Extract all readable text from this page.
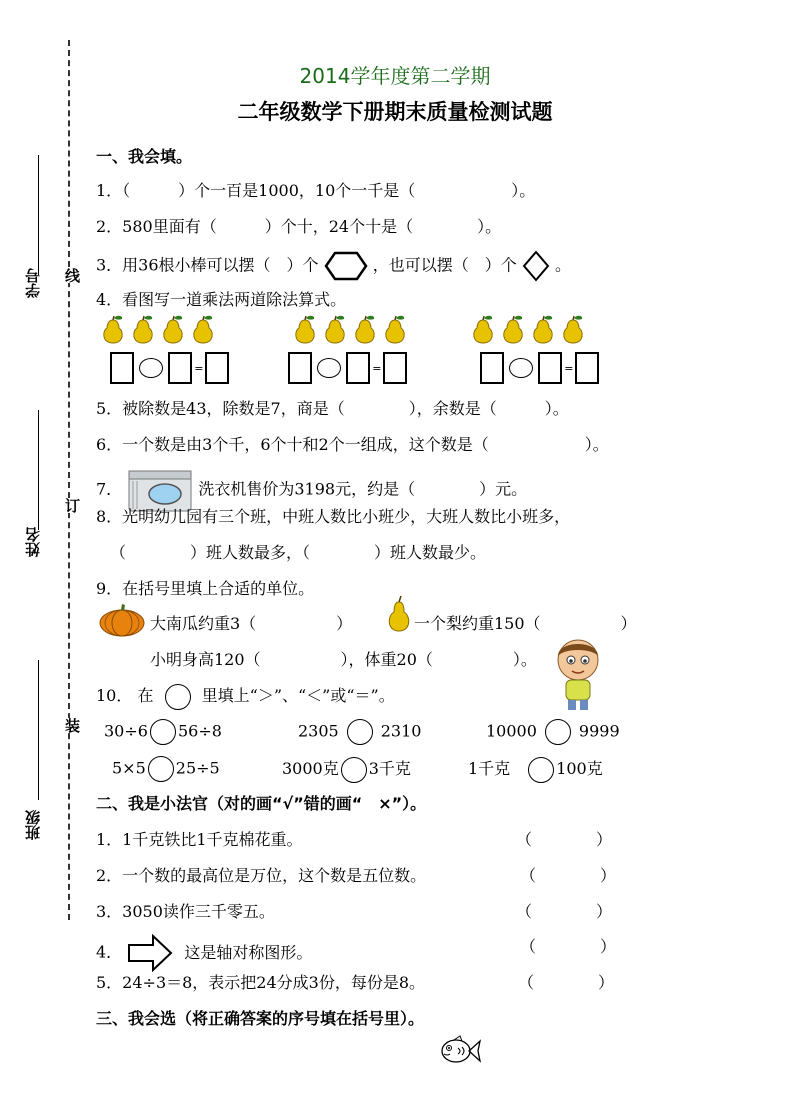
学号 线
姓名
订
班级
装
2014学年度第二学期
二年级数学下册期末质量检测试题
一、我会填。
1．（　　　）个一百是1000，10个一千是（　　　　　　）。
2．580里面有（　　　）个十，24个十是（　　　　）。
3．用36根小棒可以摆（　）个	，也可以摆（　）个 。
4．看图写一道乘法两道除法算式。
=	=	=
5．被除数是43，除数是7，商是（　　　　），余数是（　　　）。
6．一个数是由3个千，6个十和2个一组成，这个数是（　　　　　　）。
7．	洗衣机售价为3198元，约是（　　　　）元。
8．光明幼儿园有三个班，中班人数比小班少，大班人数比小班多，
（　　　　）班人数最多，（　　　　）班人数最少。
9．在括号里填上合适的单位。
大南瓜约重3（　　　　　）	一个梨约重150（　　　　　）
小明身高120（　　　　　），体重20（　　　　　）。
10． 在	里填上“＞”、“＜”或“＝”。
30÷6 56÷8	2305	2310	10000	9999
5×5 25÷5	3000克 3千克	1千克	100克
二、我是小法官（对的画“√”错的画“　×”）。
1．1千克铁比1千克棉花重。	（　　　　）
2．一个数的最高位是万位，这个数是五位数。	（　　　　）
3．3050读作三千零五。	（　　　　）
4．	这是轴对称图形。	（　　　　）
5．24÷3＝8，表示把24分成3份，每份是8。	（　　　　）
三、我会选（将正确答案的序号填在括号里）。
